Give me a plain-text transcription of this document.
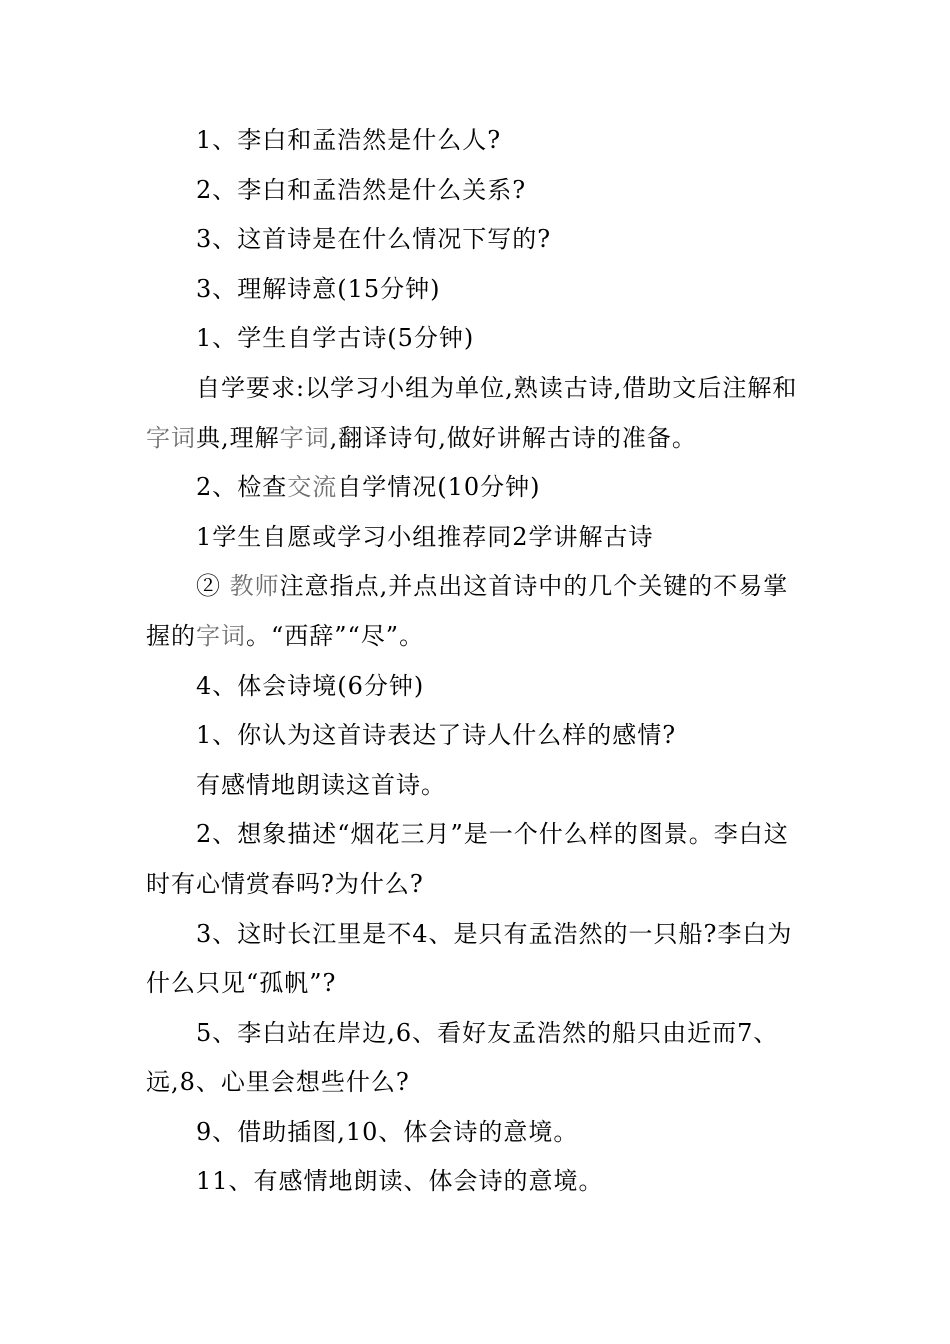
1、李白和孟浩然是什么人?

2、李白和孟浩然是什么关系?

3、这首诗是在什么情况下写的?

3、理解诗意(15分钟)

1、学生自学古诗(5分钟)

自学要求:以学习小组为单位,熟读古诗,借助文后注解和字词典,理解字词,翻译诗句,做好讲解古诗的准备。

2、检查交流自学情况(10分钟)

1学生自愿或学习小组推荐同2学讲解古诗

② 教师注意指点,并点出这首诗中的几个关键的不易掌握的字词。“西辞”“尽”。

4、体会诗境(6分钟)

1、你认为这首诗表达了诗人什么样的感情?

有感情地朗读这首诗。

2、想象描述“烟花三月”是一个什么样的图景。李白这时有心情赏春吗?为什么?

3、这时长江里是不4、是只有孟浩然的一只船?李白为什么只见“孤帆”?

5、李白站在岸边,6、看好友孟浩然的船只由近而7、远,8、心里会想些什么?

9、借助插图,10、体会诗的意境。

11、有感情地朗读、体会诗的意境。
